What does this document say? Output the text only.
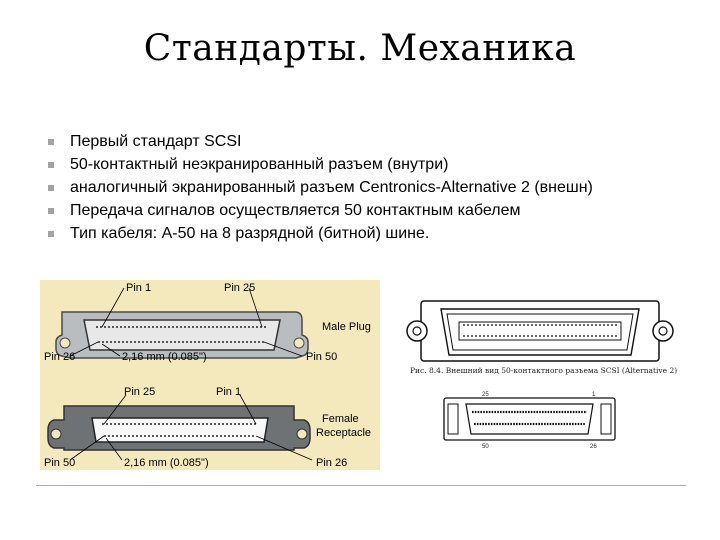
Стандарты. Механика
Первый стандарт SCSI
50-контактный неэкранированный разъем (внутри)
аналогичный экранированный разъем Centronics-Alternative 2 (внешн)
Передача сигналов осуществляется 50 контактным кабелем
Тип кабеля: A-50 на 8 разрядной (битной) шине.
Pin 1	Pin 25
Pin 26	Pin 50
2,16 mm (0.085")
Male Plug
Pin 25	Pin 1
Pin 50	Pin 26
2,16 mm (0.085")
Female
Receptacle
Рис. 8.4. Внешний вид 50-контактного разъема SCSI (Alternative 2)
25	1
50	26
